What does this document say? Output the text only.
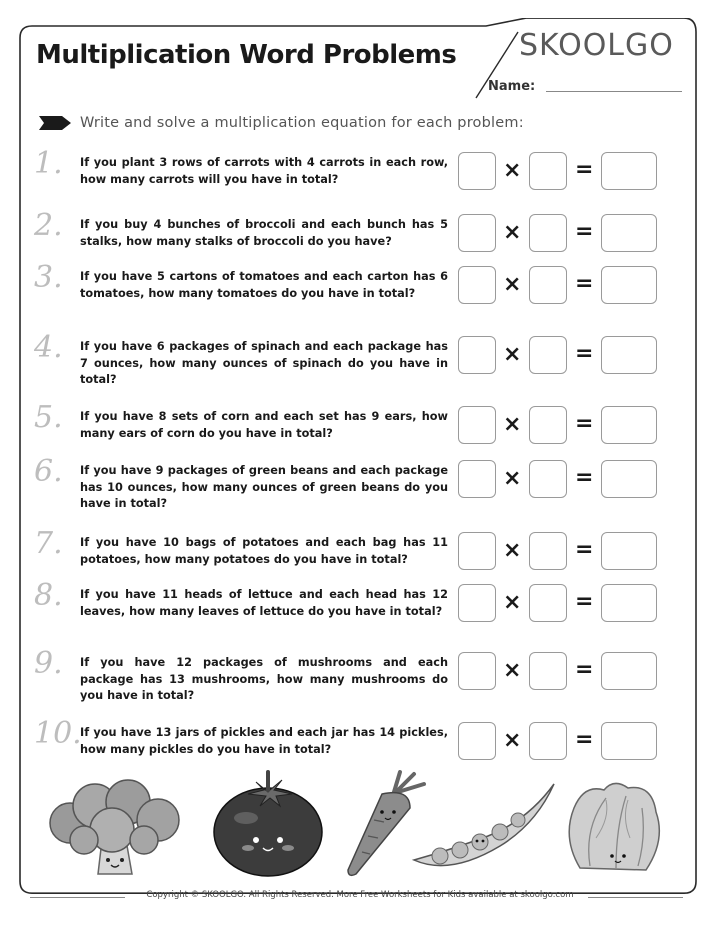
Multiplication Word Problems SKOOLGO
Name:
Write and solve a multiplication equation for each problem:
1. If you plant 3 rows of carrots with 4 carrots in each row, how many carrots will you have in total?	× =
2. If you buy 4 bunches of broccoli and each bunch has 5 stalks, how many stalks of broccoli do you have?	× =
3. If you have 5 cartons of tomatoes and each carton has 6 tomatoes, how many tomatoes do you have in total?	× =
4. If you have 6 packages of spinach and each package has 7 ounces, how many ounces of spinach do you have in total?
× =
5. If you have 8 sets of corn and each set has 9 ears, how many ears of corn do you have in total?	× =
6. If you have 9 packages of green beans and each package has 10 ounces, how many ounces of green beans do you have in total?
× =
7. If you have 10 bags of potatoes and each bag has 11 potatoes, how many potatoes do you have in total?	× =
8. If you have 11 heads of lettuce and each head has 12 leaves, how many leaves of lettuce do you have in total?	× =
9. If you have 12 packages of mushrooms and each package has 13 mushrooms, how many mushrooms do you have in total?
× =
10.
If you have 13 jars of pickles and each jar has 14 pickles, how many pickles do you have in total?	× =
Copyright © SKOOLGO. All Rights Reserved. More Free Worksheets for Kids available at skoolgo.com
